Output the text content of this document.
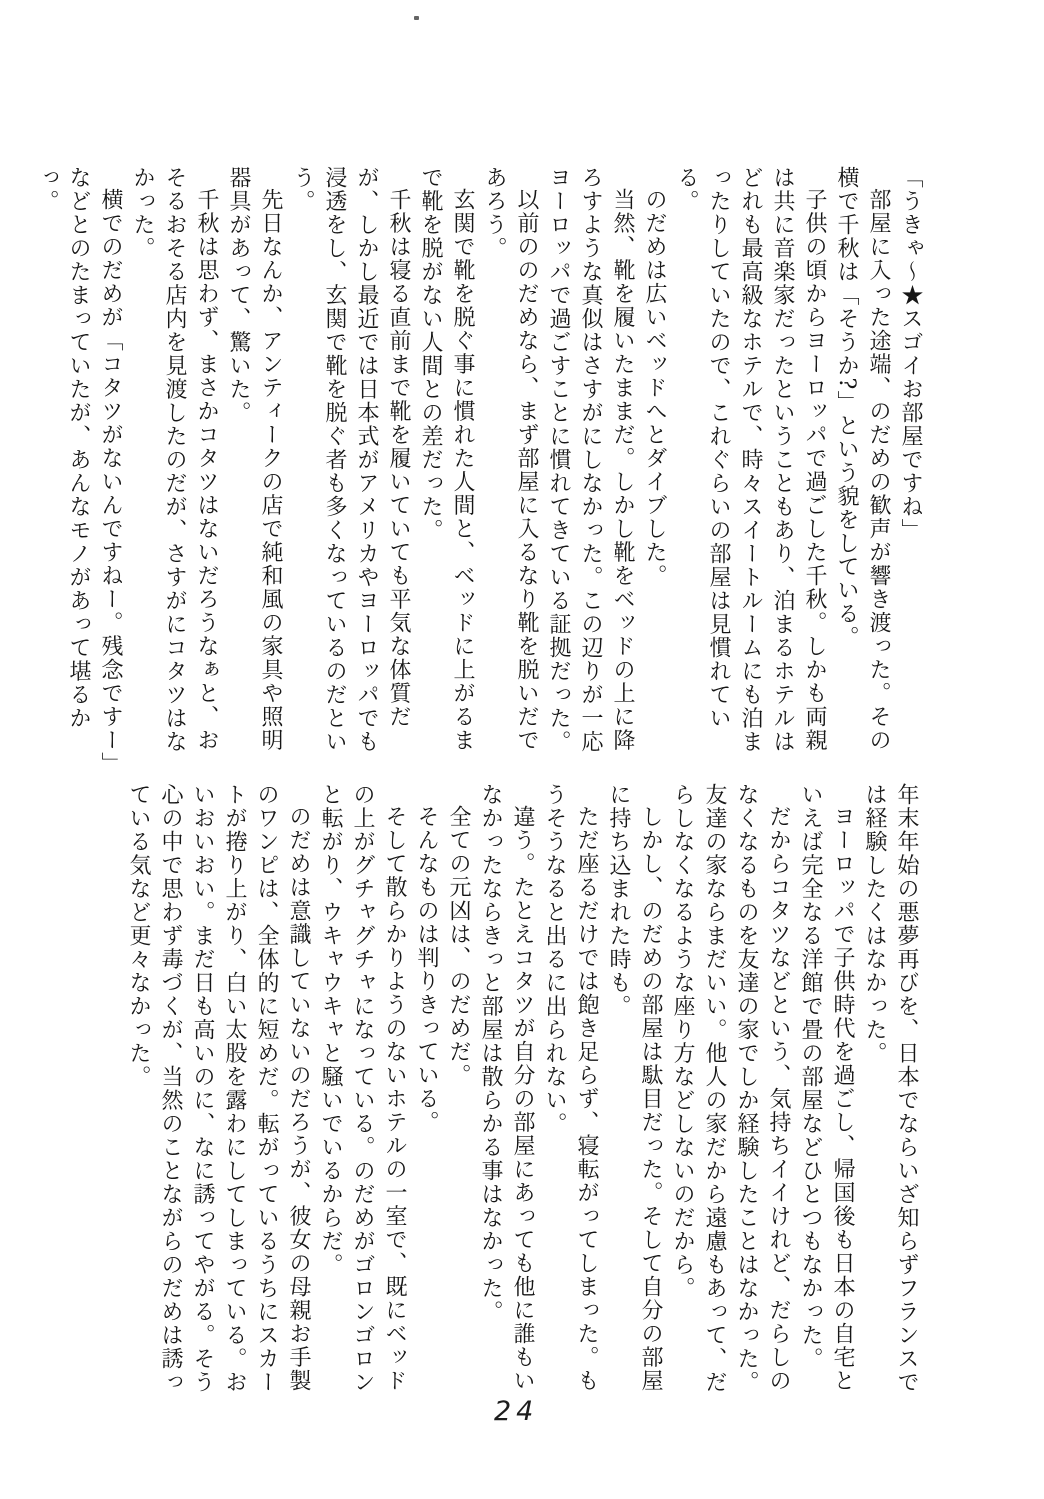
「うきゃ〜★スゴイお部屋ですね」

部屋に入った途端、のだめの歓声が響き渡った。その横で千秋は「そうか?」という貌をしている。

子供の頃からヨーロッパで過ごした千秋。しかも両親は共に音楽家だったということもあり、泊まるホテルはどれも最高級なホテルで、時々スイートルームにも泊まったりしていたので、これぐらいの部屋は見慣れている。

のだめは広いベッドへとダイブした。

当然、靴を履いたままだ。しかし靴をベッドの上に降ろすような真似はさすがにしなかった。この辺りが一応ヨーロッパで過ごすことに慣れてきている証拠だった。

以前ののだめなら、まず部屋に入るなり靴を脱いだであろう。

玄関で靴を脱ぐ事に慣れた人間と、ベッドに上がるまで靴を脱がない人間との差だった。

千秋は寝る直前まで靴を履いていても平気な体質だが、しかし最近では日本式がアメリカやヨーロッパでも浸透をし、玄関で靴を脱ぐ者も多くなっているのだという。

先日なんか、アンティークの店で純和風の家具や照明器具があって、驚いた。

千秋は思わず、まさかコタツはないだろうなぁと、おそるおそる店内を見渡したのだが、さすがにコタツはなかった。

横でのだめが「コタツがないんですねー。残念ですー」などとのたまっていたが、あんなモノがあって堪るかっ。

年末年始の悪夢再びを、日本でならいざ知らずフランスでは経験したくはなかった。

ヨーロッパで子供時代を過ごし、帰国後も日本の自宅といえば完全なる洋館で畳の部屋などひとつもなかった。

だからコタツなどという、気持ちイイけれど、だらしのなくなるものを友達の家でしか経験したことはなかった。友達の家ならまだいい。他人の家だから遠慮もあって、だらしなくなるような座り方などしないのだから。

しかし、のだめの部屋は駄目だった。そして自分の部屋に持ち込まれた時も。

ただ座るだけでは飽き足らず、寝転がってしまった。もうそうなると出るに出られない。

違う。たとえコタツが自分の部屋にあっても他に誰もいなかったならきっと部屋は散らかる事はなかった。

全ての元凶は、のだめだ。

そんなものは判りきっている。

そして散らかりようのないホテルの一室で、既にベッドの上がグチャグチャになっている。のだめがゴロンゴロンと転がり、ウキャウキャと騒いでいるからだ。

のだめは意識していないのだろうが、彼女の母親お手製のワンピは、全体的に短めだ。転がっているうちにスカートが捲り上がり、白い太股を露わにしてしまっている。おいおいおい。まだ日も高いのに、なに誘ってやがる。そう心の中で思わず毒づくが、当然のことながらのだめは誘っている気など更々なかった。

24
